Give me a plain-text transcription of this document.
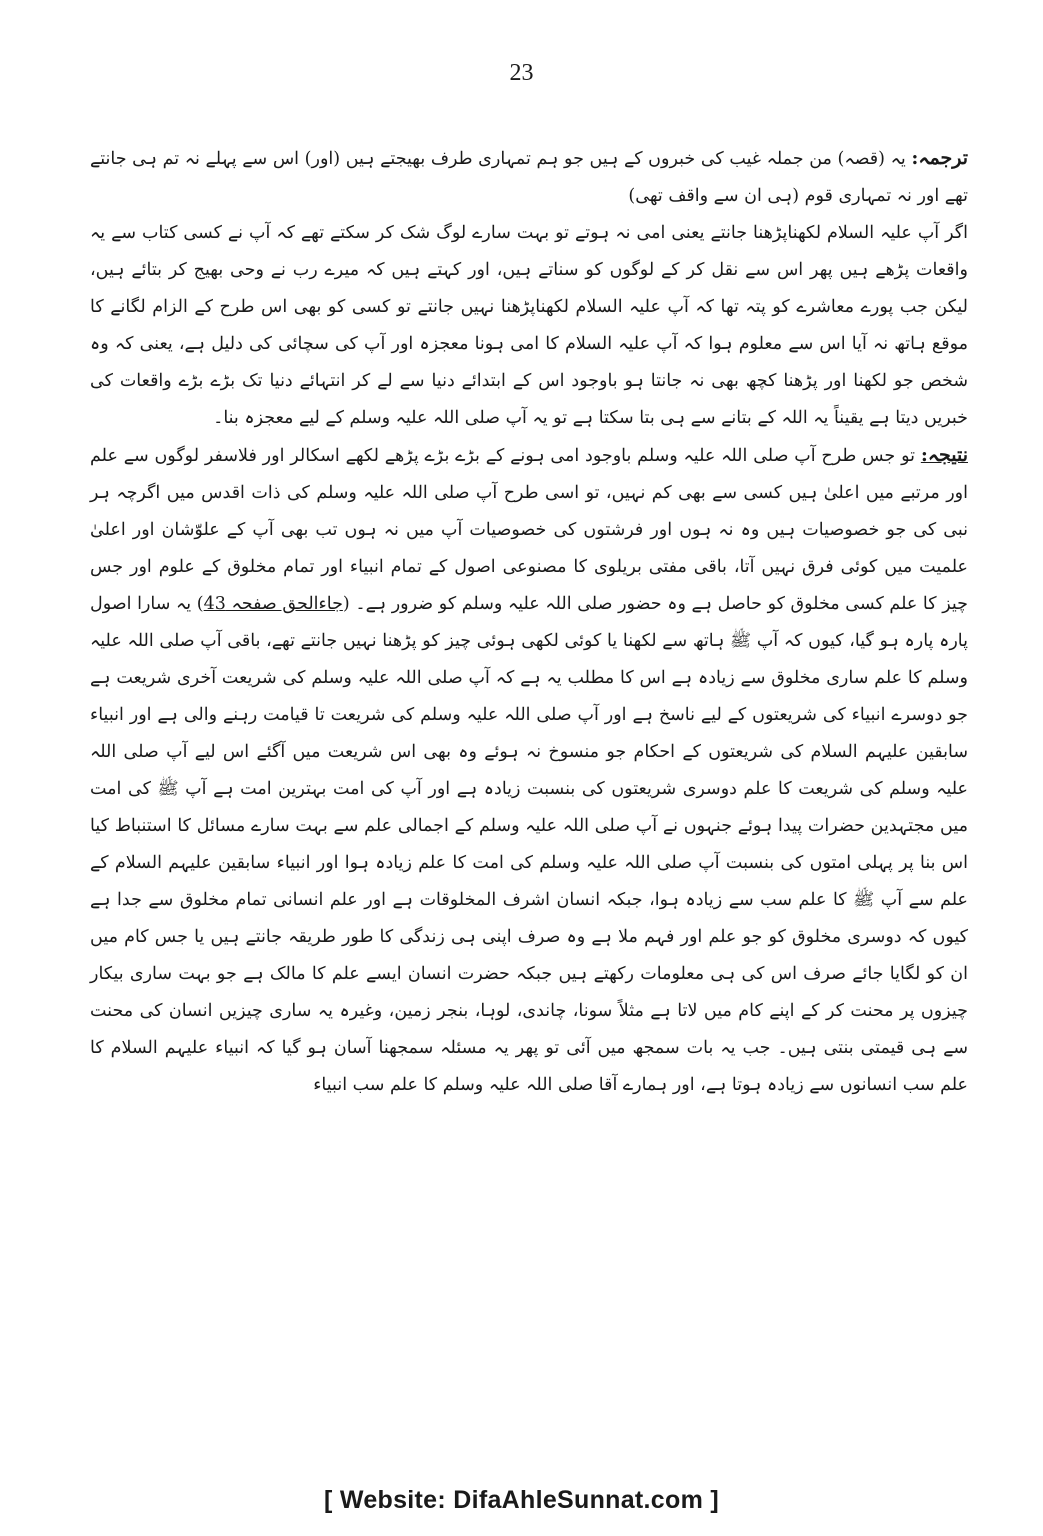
23

ترجمہ: یہ (قصہ) من جملہ غیب کی خبروں کے ہیں جو ہم تمہاری طرف بھیجتے ہیں (اور) اس سے پہلے نہ تم ہی جانتے تھے اور نہ تمہاری قوم (ہی ان سے واقف تھی)

اگر آپ علیہ السلام لکھناپڑھنا جانتے یعنی امی نہ ہوتے تو بہت سارے لوگ شک کر سکتے تھے کہ آپ نے کسی کتاب سے یہ واقعات پڑھے ہیں پھر اس سے نقل کر کے لوگوں کو سناتے ہیں، اور کہتے ہیں کہ میرے رب نے وحی بھیج کر بتائے ہیں، لیکن جب پورے معاشرے کو پتہ تھا کہ آپ علیہ السلام لکھناپڑھنا نہیں جانتے تو کسی کو بھی اس طرح کے الزام لگانے کا موقع ہاتھ نہ آیا اس سے معلوم ہوا کہ آپ علیہ السلام کا امی ہونا معجزہ اور آپ کی سچائی کی دلیل ہے، یعنی کہ وہ شخص جو لکھنا اور پڑھنا کچھ بھی نہ جانتا ہو باوجود اس کے ابتدائے دنیا سے لے کر انتہائے دنیا تک بڑے بڑے واقعات کی خبریں دیتا ہے یقیناً یہ اللہ کے بتانے سے ہی بتا سکتا ہے تو یہ آپ صلی اللہ علیہ وسلم کے لیے معجزہ بنا۔

نتیجہ: تو جس طرح آپ صلی اللہ علیہ وسلم باوجود امی ہونے کے بڑے بڑے پڑھے لکھے اسکالر اور فلاسفر لوگوں سے علم اور مرتبے میں اعلیٰ ہیں کسی سے بھی کم نہیں، تو اسی طرح آپ صلی اللہ علیہ وسلم کی ذات اقدس میں اگرچہ ہر نبی کی جو خصوصیات ہیں وہ نہ ہوں اور فرشتوں کی خصوصیات آپ میں نہ ہوں تب بھی آپ کے علوّشان اور اعلیٰ علمیت میں کوئی فرق نہیں آتا، باقی مفتی بریلوی کا مصنوعی اصول کے تمام انبیاء اور تمام مخلوق کے علوم اور جس چیز کا علم کسی مخلوق کو حاصل ہے وہ حضور صلی اللہ علیہ وسلم کو ضرور ہے۔ (جاءالحق صفحہ 43) یہ سارا اصول پارہ پارہ ہو گیا، کیوں کہ آپ ﷺ ہاتھ سے لکھنا یا کوئی لکھی ہوئی چیز کو پڑھنا نہیں جانتے تھے، باقی آپ صلی اللہ علیہ وسلم کا علم ساری مخلوق سے زیادہ ہے اس کا مطلب یہ ہے کہ آپ صلی اللہ علیہ وسلم کی شریعت آخری شریعت ہے جو دوسرے انبیاء کی شریعتوں کے لیے ناسخ ہے اور آپ صلی اللہ علیہ وسلم کی شریعت تا قیامت رہنے والی ہے اور انبیاء سابقین علیہم السلام کی شریعتوں کے احکام جو منسوخ نہ ہوئے وہ بھی اس شریعت میں آگئے اس لیے آپ صلی اللہ علیہ وسلم کی شریعت کا علم دوسری شریعتوں کی بنسبت زیادہ ہے اور آپ کی امت بہترین امت ہے آپ ﷺ کی امت میں مجتہدین حضرات پیدا ہوئے جنہوں نے آپ صلی اللہ علیہ وسلم کے اجمالی علم سے بہت سارے مسائل کا استنباط کیا اس بنا پر پہلی امتوں کی بنسبت آپ صلی اللہ علیہ وسلم کی امت کا علم زیادہ ہوا اور انبیاء سابقین علیہم السلام کے علم سے آپ ﷺ کا علم سب سے زیادہ ہوا، جبکہ انسان اشرف المخلوقات ہے اور علم انسانی تمام مخلوق سے جدا ہے کیوں کہ دوسری مخلوق کو جو علم اور فہم ملا ہے وہ صرف اپنی ہی زندگی کا طور طریقہ جانتے ہیں یا جس کام میں ان کو لگایا جائے صرف اس کی ہی معلومات رکھتے ہیں جبکہ حضرت انسان ایسے علم کا مالک ہے جو بہت ساری بیکار چیزوں پر محنت کر کے اپنے کام میں لاتا ہے مثلاً سونا، چاندی، لوہا، بنجر زمین، وغیرہ یہ ساری چیزیں انسان کی محنت سے ہی قیمتی بنتی ہیں۔ جب یہ بات سمجھ میں آئی تو پھر یہ مسئلہ سمجھنا آسان ہو گیا کہ انبیاء علیہم السلام کا علم سب انسانوں سے زیادہ ہوتا ہے، اور ہمارے آقا صلی اللہ علیہ وسلم کا علم سب انبیاء

[ Website: DifaAhleSunnat.com ]
